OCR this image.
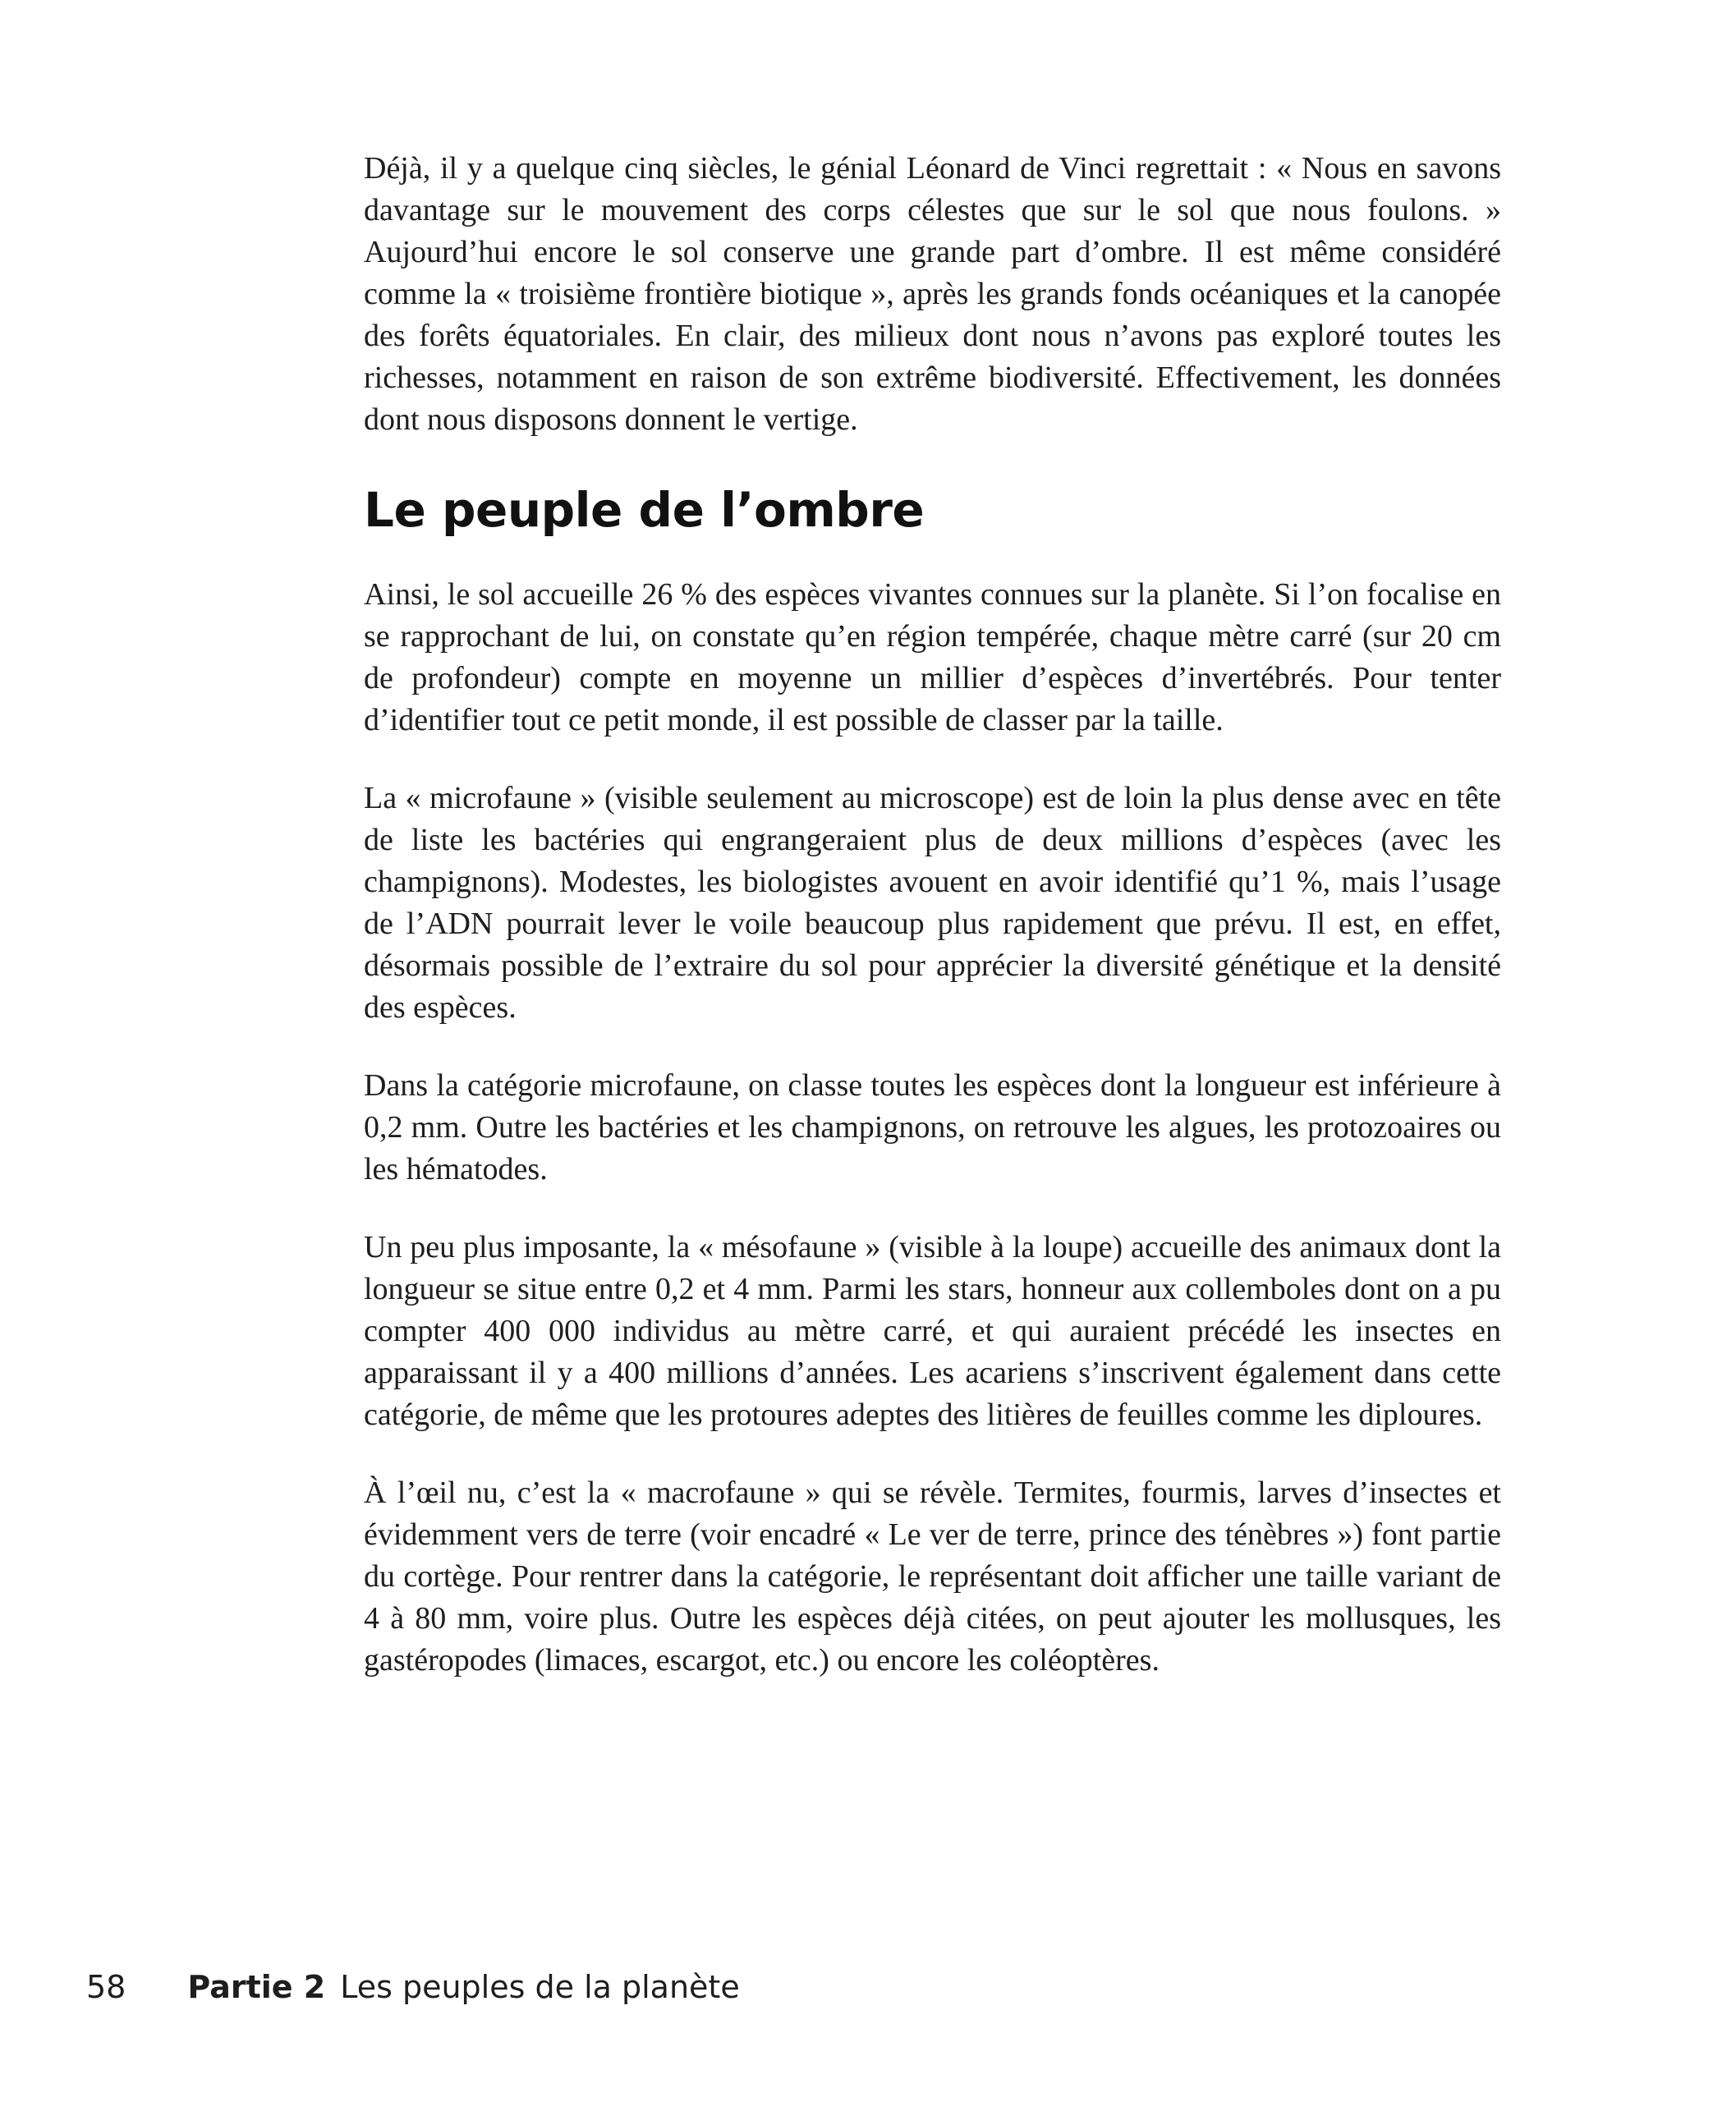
Déjà, il y a quelque cinq siècles, le génial Léonard de Vinci regrettait : « Nous en savons davantage sur le mouvement des corps célestes que sur le sol que nous foulons. » Aujourd’hui encore le sol conserve une grande part d’ombre. Il est même considéré comme la « troisième frontière biotique », après les grands fonds océaniques et la canopée des forêts équatoriales. En clair, des milieux dont nous n’avons pas exploré toutes les richesses, notamment en raison de son extrême biodiversité. Effectivement, les données dont nous disposons donnent le vertige.

Le peuple de l’ombre

Ainsi, le sol accueille 26 % des espèces vivantes connues sur la planète. Si l’on focalise en se rapprochant de lui, on constate qu’en région tempérée, chaque mètre carré (sur 20 cm de profondeur) compte en moyenne un millier d’espèces d’invertébrés. Pour tenter d’identifier tout ce petit monde, il est possible de classer par la taille.

La « microfaune » (visible seulement au microscope) est de loin la plus dense avec en tête de liste les bactéries qui engrangeraient plus de deux millions d’espèces (avec les champignons). Modestes, les biologistes avouent en avoir identifié qu’1 %, mais l’usage de l’ADN pourrait lever le voile beaucoup plus rapidement que prévu. Il est, en effet, désormais possible de l’extraire du sol pour apprécier la diversité génétique et la densité des espèces.

Dans la catégorie microfaune, on classe toutes les espèces dont la longueur est inférieure à 0,2 mm. Outre les bactéries et les champignons, on retrouve les algues, les protozoaires ou les hématodes.

Un peu plus imposante, la « mésofaune » (visible à la loupe) accueille des animaux dont la longueur se situe entre 0,2 et 4 mm. Parmi les stars, honneur aux collemboles dont on a pu compter 400 000 individus au mètre carré, et qui auraient précédé les insectes en apparaissant il y a 400 millions d’années. Les acariens s’inscrivent également dans cette catégorie, de même que les protoures adeptes des litières de feuilles comme les diploures.

À l’œil nu, c’est la « macrofaune » qui se révèle. Termites, fourmis, larves d’insectes et évidemment vers de terre (voir encadré « Le ver de terre, prince des ténèbres ») font partie du cortège. Pour rentrer dans la catégorie, le représentant doit afficher une taille variant de 4 à 80 mm, voire plus. Outre les espèces déjà citées, on peut ajouter les mollusques, les gastéropodes (limaces, escargot, etc.) ou encore les coléoptères.

58 Partie 2 Les peuples de la planète
